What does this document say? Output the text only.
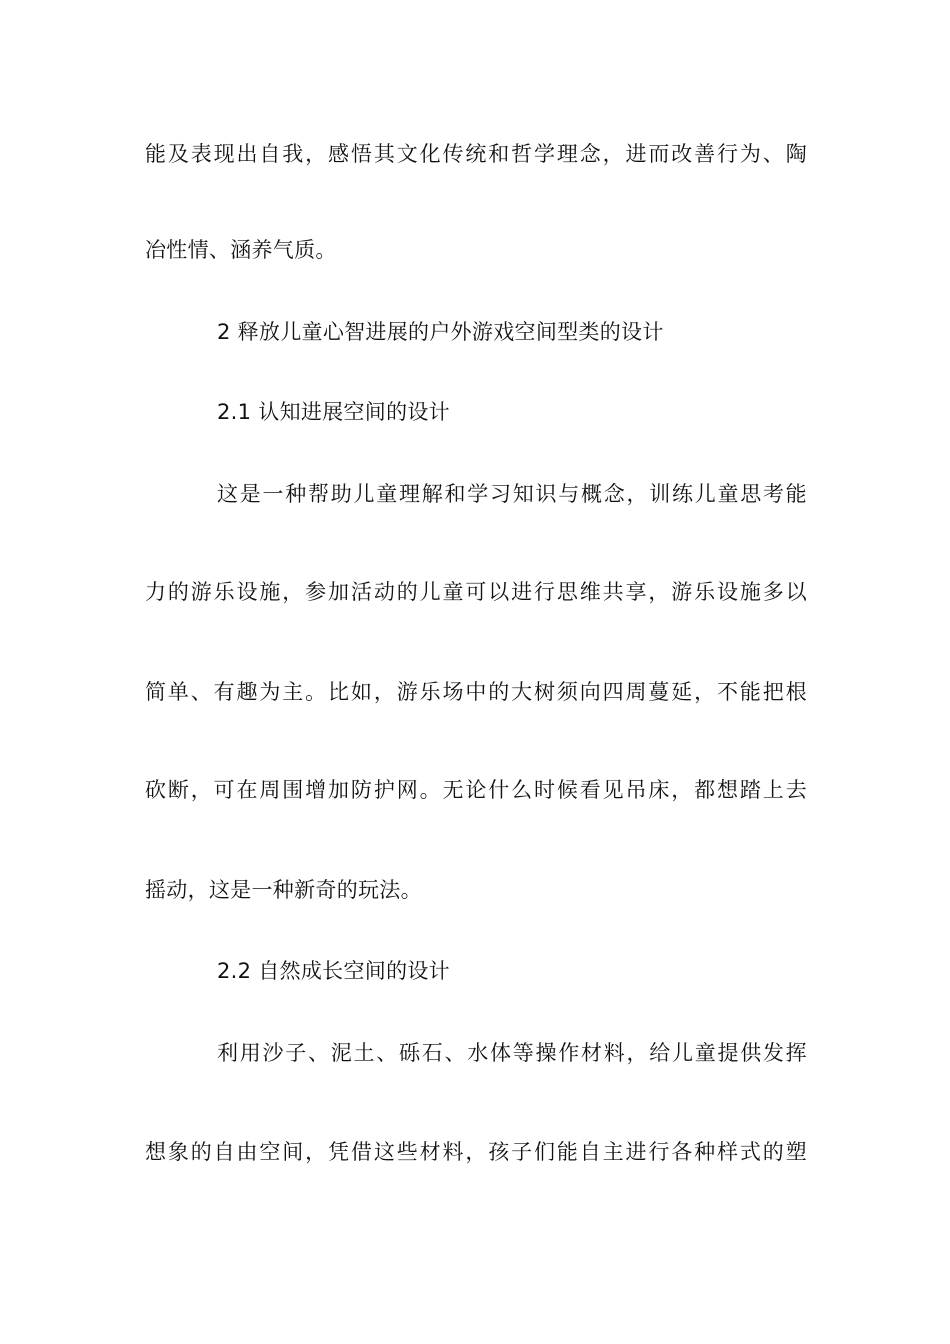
能及表现出自我，感悟其文化传统和哲学理念，进而改善行为、陶
冶性情、涵养气质。
2 释放儿童心智进展的户外游戏空间型类的设计
2.1 认知进展空间的设计
这是一种帮助儿童理解和学习知识与概念，训练儿童思考能
力的游乐设施，参加活动的儿童可以进行思维共享，游乐设施多以
简单、有趣为主。比如，游乐场中的大树须向四周蔓延，不能把根
砍断，可在周围增加防护网。无论什么时候看见吊床，都想踏上去
摇动，这是一种新奇的玩法。
2.2 自然成长空间的设计
利用沙子、泥土、砾石、水体等操作材料，给儿童提供发挥
想象的自由空间，凭借这些材料，孩子们能自主进行各种样式的塑
